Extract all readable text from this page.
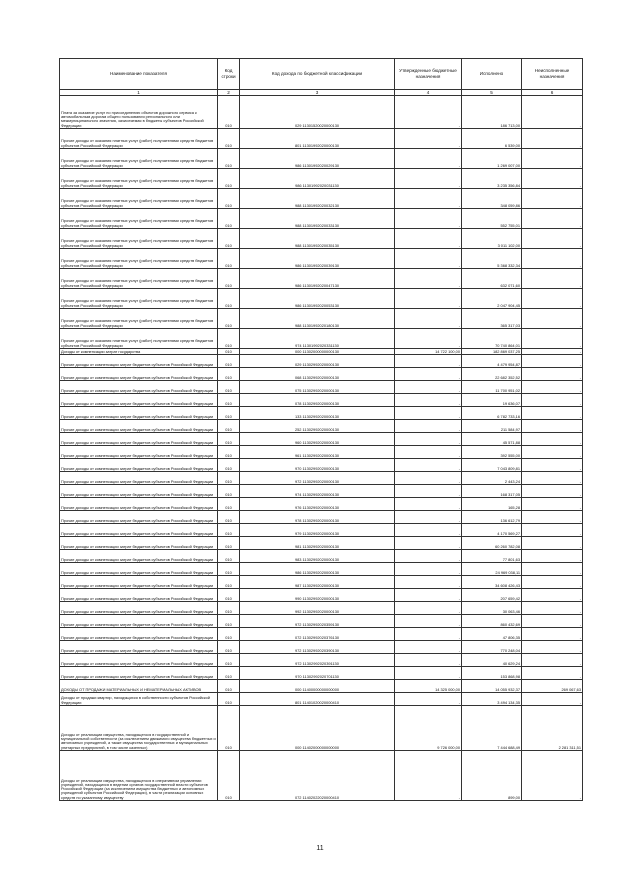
Наименование показателя	Код строки	Код дохода по бюджетной классификации	Утвержденные бюджетные назначения	Исполнено	Неисполненные назначения
1	2	3	4	5	6
Плата за оказание услуг по присоединению объектов дорожного сервиса к автомобильным дорогам общего пользования регионального или межмуниципального значения, зачисляемая в бюджеты субъектов Российской Федерации	010	029 11301520020000130	-	186 713,00	-
Прочие доходы от оказания платных услуг (работ) получателями средств бюджетов субъектов Российской Федерации	010	801 11301992020000130	-	6 539,00	-
Прочие доходы от оказания платных услуг (работ) получателями средств бюджетов субъектов Российской Федерации	010	986 11301992020029130	-	1 269 007,00	-
Прочие доходы от оказания платных услуг (работ) получателями средств бюджетов субъектов Российской Федерации	010	986 11301992020031130	-	3 235 356,84	-
Прочие доходы от оказания платных услуг (работ) получателями средств бюджетов субъектов Российской Федерации	010	988 11301992020032130	-	348 059,86	-
Прочие доходы от оказания платных услуг (работ) получателями средств бюджетов субъектов Российской Федерации	010	988 11301992020033130	-	552 755,01	-
Прочие доходы от оказания платных услуг (работ) получателями средств бюджетов субъектов Российской Федерации	010	988 11301992020035130	-	3 011 102,00	-
Прочие доходы от оказания платных услуг (работ) получателями средств бюджетов субъектов Российской Федерации	010	986 11301992020039130	-	5 368 332,34	-
Прочие доходы от оказания платных услуг (работ) получателями средств бюджетов субъектов Российской Федерации	010	986 11301992020047130	-	632 071,60	-
Прочие доходы от оказания платных услуг (работ) получателями средств бюджетов субъектов Российской Федерации	010	986 11301992020053130	-	2 047 904,45	-
Прочие доходы от оказания платных услуг (работ) получателями средств бюджетов субъектов Российской Федерации	010	988 11301992020180130	-	365 317,03	-
Прочие доходы от оказания платных услуг (работ) получателями средств бюджетов субъектов Российской Федерации	010	974 11301992020331130	-	70 740 864,01	-
Доходы от компенсации затрат государства	010	000 11302000000000130	14 722 100,00	182 869 037,25	-
Прочие доходы от компенсации затрат бюджетов субъектов Российской Федерации	010	029 11302992020000130	-	4 479 954,87	-
Прочие доходы от компенсации затрат бюджетов субъектов Российской Федерации	010	068 11302992020000130	-	22 682 352,52	-
Прочие доходы от компенсации затрат бюджетов субъектов Российской Федерации	010	075 11302992020000130	-	11 700 951,02	-
Прочие доходы от компенсации затрат бюджетов субъектов Российской Федерации	010	078 11302992020000130	-	19 636,07	-
Прочие доходы от компенсации затрат бюджетов субъектов Российской Федерации	010	133 11302992020000130	-	6 782 733,16	-
Прочие доходы от компенсации затрат бюджетов субъектов Российской Федерации	010	252 11302992020000130	-	211 584,97	-
Прочие доходы от компенсации затрат бюджетов субъектов Российской Федерации	010	960 11302992020000130	-	45 571,88	-
Прочие доходы от компенсации затрат бюджетов субъектов Российской Федерации	010	961 11302992020000130	-	392 555,00	-
Прочие доходы от компенсации затрат бюджетов субъектов Российской Федерации	010	970 11302992020000130	-	7 043 809,81	-
Прочие доходы от компенсации затрат бюджетов субъектов Российской Федерации	010	972 11302992020000130	-	2 443,24	-
Прочие доходы от компенсации затрат бюджетов субъектов Российской Федерации	010	974 11302992020000130	-	168 317,05	-
Прочие доходы от компенсации затрат бюджетов субъектов Российской Федерации	010	976 11302992020000130	-	165,28	-
Прочие доходы от компенсации затрат бюджетов субъектов Российской Федерации	010	978 11302992020000130	-	136 612,79	-
Прочие доходы от компенсации затрат бюджетов субъектов Российской Федерации	010	979 11302992020000130	-	4 170 569,27	-
Прочие доходы от компенсации затрат бюджетов субъектов Российской Федерации	010	981 11302992020000130	-	60 260 782,08	-
Прочие доходы от компенсации затрат бюджетов субъектов Российской Федерации	010	983 11302992020000130	-	77 801,63	-
Прочие доходы от компенсации затрат бюджетов субъектов Российской Федерации	010	986 11302992020000130	-	24 969 038,11	-
Прочие доходы от компенсации затрат бюджетов субъектов Российской Федерации	010	987 11302992020000130	-	34 608 426,43	-
Прочие доходы от компенсации затрат бюджетов субъектов Российской Федерации	010	990 11302992020000130	-	207 659,42	-
Прочие доходы от компенсации затрат бюджетов субъектов Российской Федерации	010	992 11302992020000130	-	30 063,46	-
Прочие доходы от компенсации затрат бюджетов субъектов Российской Федерации	010	972 11302992020359130	-	860 432,69	-
Прочие доходы от компенсации затрат бюджетов субъектов Российской Федерации	010	072 11302992020376130	-	47 806,35	-
Прочие доходы от компенсации затрат бюджетов субъектов Российской Федерации	010	972 11302992020390130	-	770 248,04	-
Прочие доходы от компенсации затрат бюджетов субъектов Российской Федерации	010	972 11302992020391130	-	40 629,24	-
Прочие доходы от компенсации затрат бюджетов субъектов Российской Федерации	010	970 11302992020701130	-	153 868,98	-
ДОХОДЫ ОТ ПРОДАЖИ МАТЕРИАЛЬНЫХ И НЕМАТЕРИАЛЬНЫХ АКТИВОВ	010	000 11400000000000000	14 325 000,00	14 055 932,37	269 067,63
Доходы от продажи квартир, находящихся в собственности субъектов Российской Федерации	010	801 11401020020000410	-	3 494 134,35	-
Доходы от реализации имущества, находящегося в государственной и муниципальной собственности (за исключением движимого имущества бюджетных и автономных учреждений, а также имущества государственных и муниципальных унитарных предприятий, в том числе казенных)	010	000 11402000000000000	9 726 000,00	7 444 688,49	2 281 311,51
Доходы от реализации имущества, находящегося в оперативном управлении учреждений, находящихся в ведении органов государственной власти субъектов Российской Федерации (за исключением имущества бюджетных и автономных учреждений субъектов Российской Федерации), в части реализации основных средств по указанному имуществу	010	072 11402022020000410	-	899,00	-
11
